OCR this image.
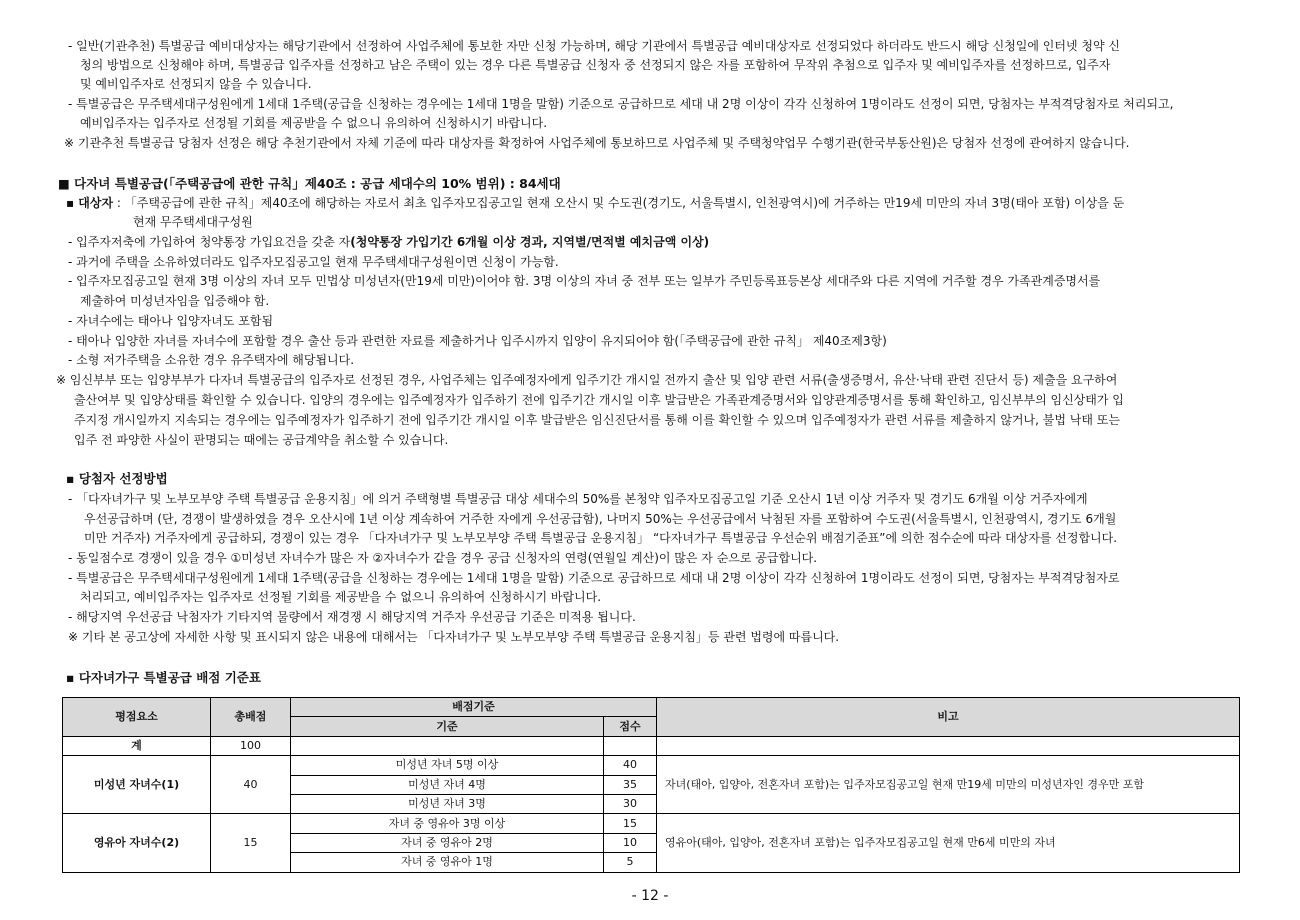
- 일반(기관추천) 특별공급 예비대상자는 해당기관에서 선정하여 사업주체에 통보한 자만 신청 가능하며, 해당 기관에서 특별공급 예비대상자로 선정되었다 하더라도 반드시 해당 신청일에 인터넷 청약 신
청의 방법으로 신청해야 하며, 특별공급 입주자를 선정하고 남은 주택이 있는 경우 다른 특별공급 신청자 중 선정되지 않은 자를 포함하여 무작위 추첨으로 입주자 및 예비입주자를 선정하므로, 입주자
및 예비입주자로 선정되지 않을 수 있습니다.
- 특별공급은 무주택세대구성원에게 1세대 1주택(공급을 신청하는 경우에는 1세대 1명을 말함) 기준으로 공급하므로 세대 내 2명 이상이 각각 신청하여 1명이라도 선정이 되면, 당첨자는 부적격당첨자로 처리되고,
예비입주자는 입주자로 선정될 기회를 제공받을 수 없으니 유의하여 신청하시기 바랍니다.
※ 기관추천 특별공급 당첨자 선정은 해당 추천기관에서 자체 기준에 따라 대상자를 확정하여 사업주체에 통보하므로 사업주체 및 주택청약업무 수행기관(한국부동산원)은 당첨자 선정에 관여하지 않습니다.
■ 다자녀 특별공급(「주택공급에 관한 규칙」제40조 : 공급 세대수의 10% 범위) : 84세대
▪ 대상자 : 「주택공급에 관한 규칙」제40조에 해당하는 자로서 최초 입주자모집공고일 현재 오산시 및 수도권(경기도, 서울특별시, 인천광역시)에 거주하는 만19세 미만의 자녀 3명(태아 포함) 이상을 둔
현재 무주택세대구성원
- 입주자저축에 가입하여 청약통장 가입요건을 갖춘 자(청약통장 가입기간 6개월 이상 경과, 지역별/면적별 예치금액 이상)
- 과거에 주택을 소유하였더라도 입주자모집공고일 현재 무주택세대구성원이면 신청이 가능함.
- 입주자모집공고일 현재 3명 이상의 자녀 모두 민법상 미성년자(만19세 미만)이어야 함. 3명 이상의 자녀 중 전부 또는 일부가 주민등록표등본상 세대주와 다른 지역에 거주할 경우 가족관계증명서를
제출하여 미성년자임을 입증해야 함.
- 자녀수에는 태아나 입양자녀도 포함됨
- 태아나 입양한 자녀를 자녀수에 포함할 경우 출산 등과 관련한 자료를 제출하거나 입주시까지 입양이 유지되어야 함(「주택공급에 관한 규칙」 제40조제3항)
- 소형 저가주택을 소유한 경우 유주택자에 해당됩니다.
※ 임신부부 또는 입양부부가 다자녀 특별공급의 입주자로 선정된 경우, 사업주체는 입주예정자에게 입주기간 개시일 전까지 출산 및 입양 관련 서류(출생증명서, 유산·낙태 관련 진단서 등) 제출을 요구하여
출산여부 및 입양상태를 확인할 수 있습니다. 입양의 경우에는 입주예정자가 입주하기 전에 입주기간 개시일 이후 발급받은 가족관계증명서와 입양관계증명서를 통해 확인하고, 임신부부의 임신상태가 입
주지정 개시일까지 지속되는 경우에는 입주예정자가 입주하기 전에 입주기간 개시일 이후 발급받은 임신진단서를 통해 이를 확인할 수 있으며 입주예정자가 관련 서류를 제출하지 않거나, 불법 낙태 또는
입주 전 파양한 사실이 판명되는 때에는 공급계약을 취소할 수 있습니다.
▪ 당첨자 선정방법
- 「다자녀가구 및 노부모부양 주택 특별공급 운용지침」에 의거 주택형별 특별공급 대상 세대수의 50%를 본청약 입주자모집공고일 기준 오산시 1년 이상 거주자 및 경기도 6개월 이상 거주자에게
우선공급하며 (단, 경쟁이 발생하였을 경우 오산시에 1년 이상 계속하여 거주한 자에게 우선공급함), 나머지 50%는 우선공급에서 낙첨된 자를 포함하여 수도권(서울특별시, 인천광역시, 경기도 6개월
미만 거주자) 거주자에게 공급하되, 경쟁이 있는 경우 「다자녀가구 및 노부모부양 주택 특별공급 운용지침」 “다자녀가구 특별공급 우선순위 배점기준표”에 의한 점수순에 따라 대상자를 선정합니다.
- 동일점수로 경쟁이 있을 경우 ①미성년 자녀수가 많은 자 ②자녀수가 같을 경우 공급 신청자의 연령(연월일 계산)이 많은 자 순으로 공급합니다.
- 특별공급은 무주택세대구성원에게 1세대 1주택(공급을 신청하는 경우에는 1세대 1명을 말함) 기준으로 공급하므로 세대 내 2명 이상이 각각 신청하여 1명이라도 선정이 되면, 당첨자는 부적격당첨자로
처리되고, 예비입주자는 입주자로 선정될 기회를 제공받을 수 없으니 유의하여 신청하시기 바랍니다.
- 해당지역 우선공급 낙첨자가 기타지역 물량에서 재경쟁 시 해당지역 거주자 우선공급 기준은 미적용 됩니다.
※ 기타 본 공고상에 자세한 사항 및 표시되지 않은 내용에 대해서는 「다자녀가구 및 노부모부양 주택 특별공급 운용지침」등 관련 법령에 따릅니다.
▪ 다자녀가구 특별공급 배점 기준표
평점요소	총배점	배점기준		비고
		기준	점수	
계	100			
미성년 자녀수(1)	40	미성년 자녀 5명 이상	40	자녀(태아, 입양아, 전혼자녀 포함)는 입주자모집공고일 현재 만19세 미만의 미성년자인 경우만 포함
		미성년 자녀 4명	35	
		미성년 자녀 3명	30	
영유아 자녀수(2)	15	자녀 중 영유아 3명 이상	15	영유아(태아, 입양아, 전혼자녀 포함)는 입주자모집공고일 현재 만6세 미만의 자녀
		자녀 중 영유아 2명	10	
		자녀 중 영유아 1명	5	
- 12 -
